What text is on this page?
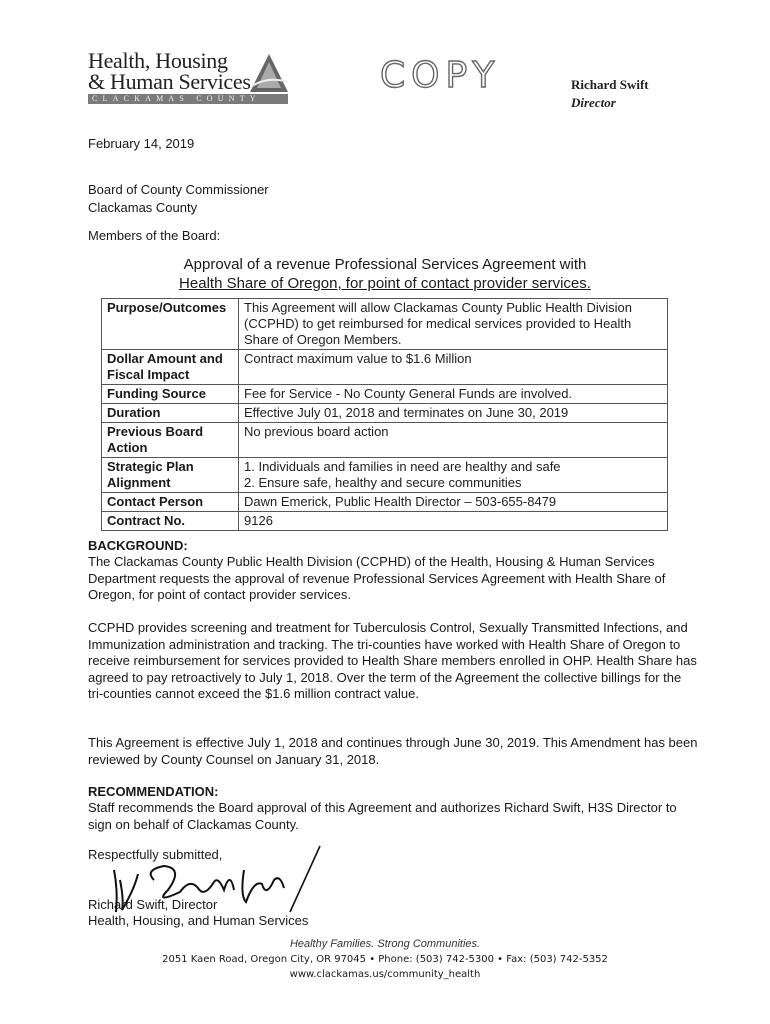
Health, Housing
& Human Services
CLACKAMAS COUNTY
COPY	Richard Swift
Director

February 14, 2019

Board of County Commissioner

Clackamas County

Members of the Board:

Approval of a revenue Professional Services Agreement with
Health Share of Oregon, for point of contact provider services.
Purpose/Outcomes	This Agreement will allow Clackamas County Public Health Division (CCPHD) to get reimbursed for medical services provided to Health Share of Oregon Members.
Dollar Amount and Fiscal Impact	Contract maximum value to $1.6 Million
Funding Source	Fee for Service - No County General Funds are involved.
Duration	Effective July 01, 2018 and terminates on June 30, 2019
Previous Board Action	No previous board action
Strategic Plan Alignment	1. Individuals and families in need are healthy and safe
2. Ensure safe, healthy and secure communities

Contact Person	Dawn Emerick, Public Health Director – 503-655-8479
Contract No.	9126

BACKGROUND:

The Clackamas County Public Health Division (CCPHD) of the Health, Housing & Human Services Department requests the approval of revenue Professional Services Agreement with Health Share of Oregon, for point of contact provider services.

CCPHD provides screening and treatment for Tuberculosis Control, Sexually Transmitted Infections, and Immunization administration and tracking. The tri-counties have worked with Health Share of Oregon to receive reimbursement for services provided to Health Share members enrolled in OHP. Health Share has agreed to pay retroactively to July 1, 2018. Over the term of the Agreement the collective billings for the tri-counties cannot exceed the $1.6 million contract value.

This Agreement is effective July 1, 2018 and continues through June 30, 2019. This Amendment has been reviewed by County Counsel on January 31, 2018.

RECOMMENDATION:

Staff recommends the Board approval of this Agreement and authorizes Richard Swift, H3S Director to sign on behalf of Clackamas County.

Respectfully submitted,

Richard Swift, Director

Health, Housing, and Human Services

Healthy Families. Strong Communities.
2051 Kaen Road, Oregon City, OR 97045 • Phone: (503) 742-5300 • Fax: (503) 742-5352
www.clackamas.us/community_health
